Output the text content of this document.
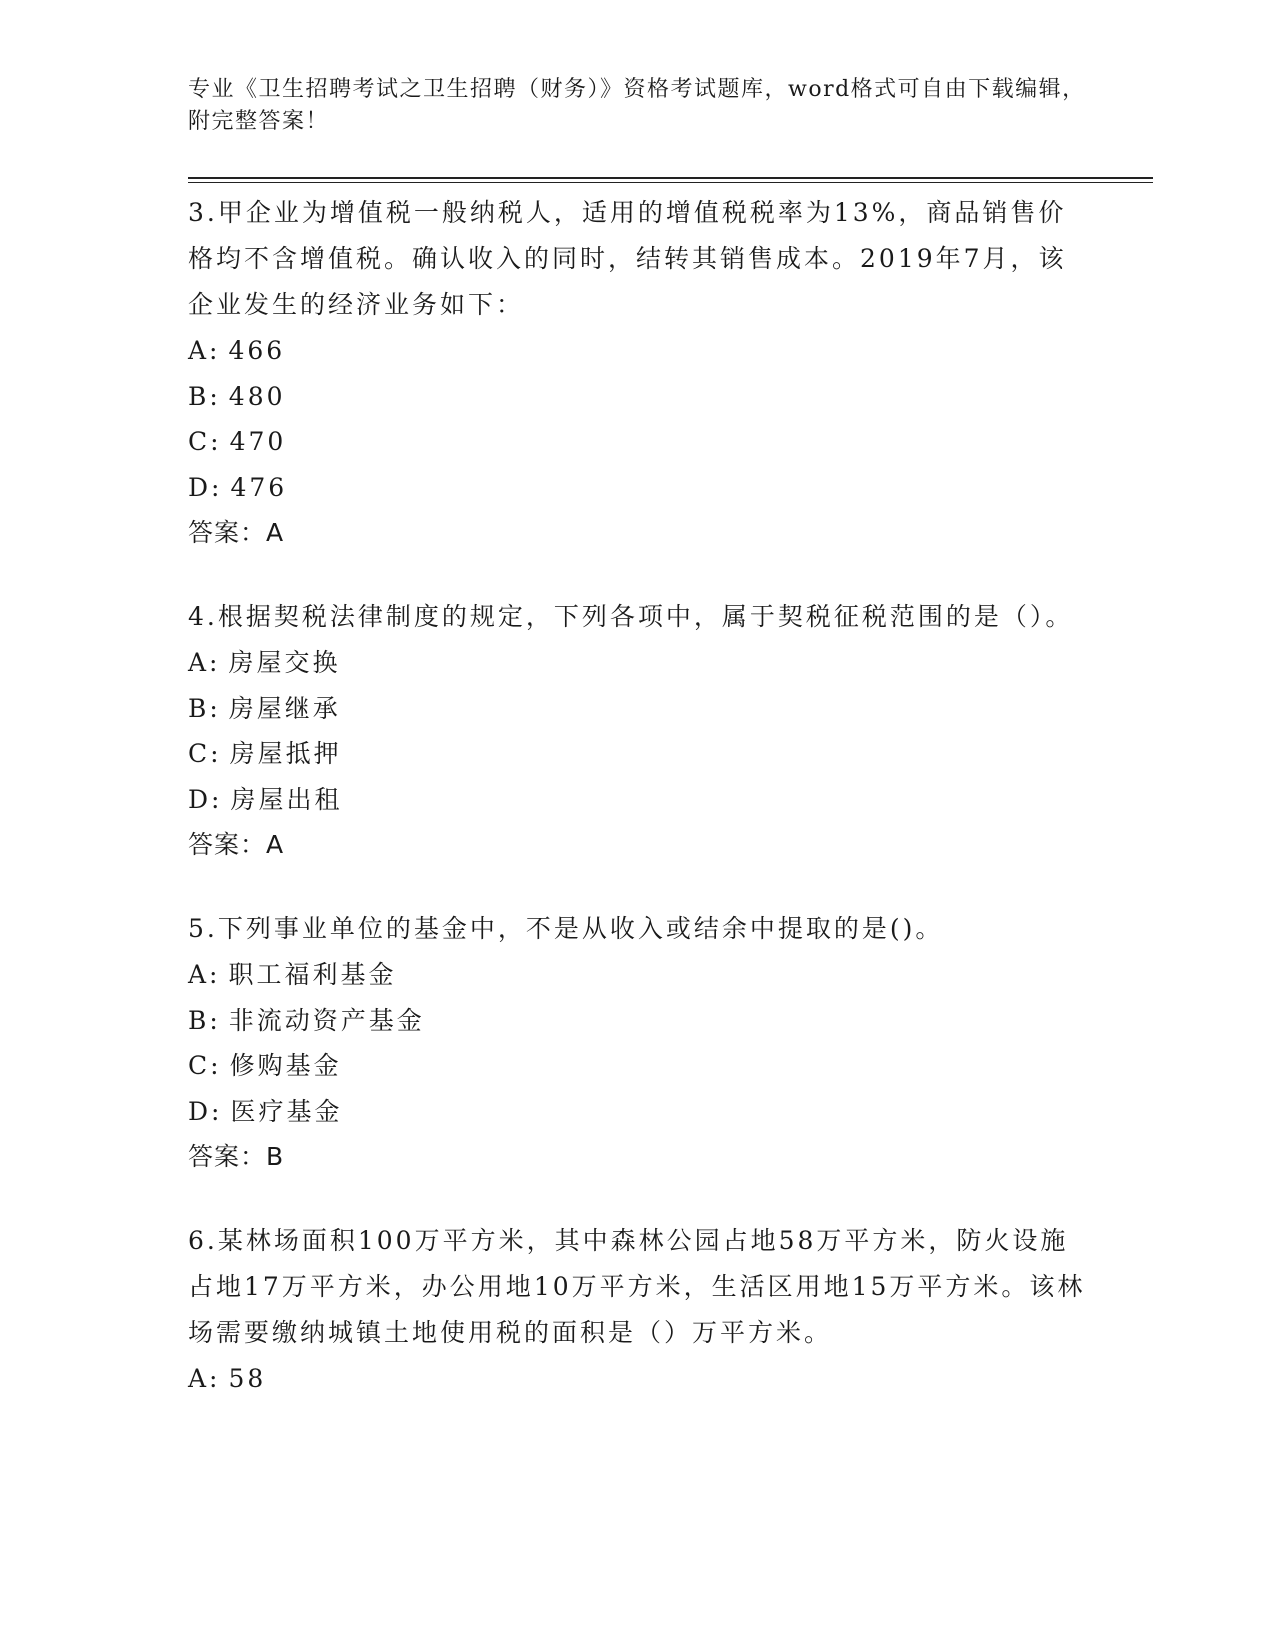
专业《卫生招聘考试之卫生招聘（财务）》资格考试题库，word格式可自由下载编辑，附完整答案！

3.甲企业为增值税一般纳税人，适用的增值税税率为13%，商品销售价格均不含增值税。确认收入的同时，结转其销售成本。2019年7月，该企业发生的经济业务如下：

A: 466

B: 480

C: 470

D: 476

答案：A

4.根据契税法律制度的规定，下列各项中，属于契税征税范围的是（）。

A: 房屋交换

B: 房屋继承

C: 房屋抵押

D: 房屋出租

答案：A

5.下列事业单位的基金中，不是从收入或结余中提取的是()。

A: 职工福利基金

B: 非流动资产基金

C: 修购基金

D: 医疗基金

答案：B

6.某林场面积100万平方米，其中森林公园占地58万平方米，防火设施占地17万平方米，办公用地10万平方米，生活区用地15万平方米。该林场需要缴纳城镇土地使用税的面积是（）万平方米。

A: 58
